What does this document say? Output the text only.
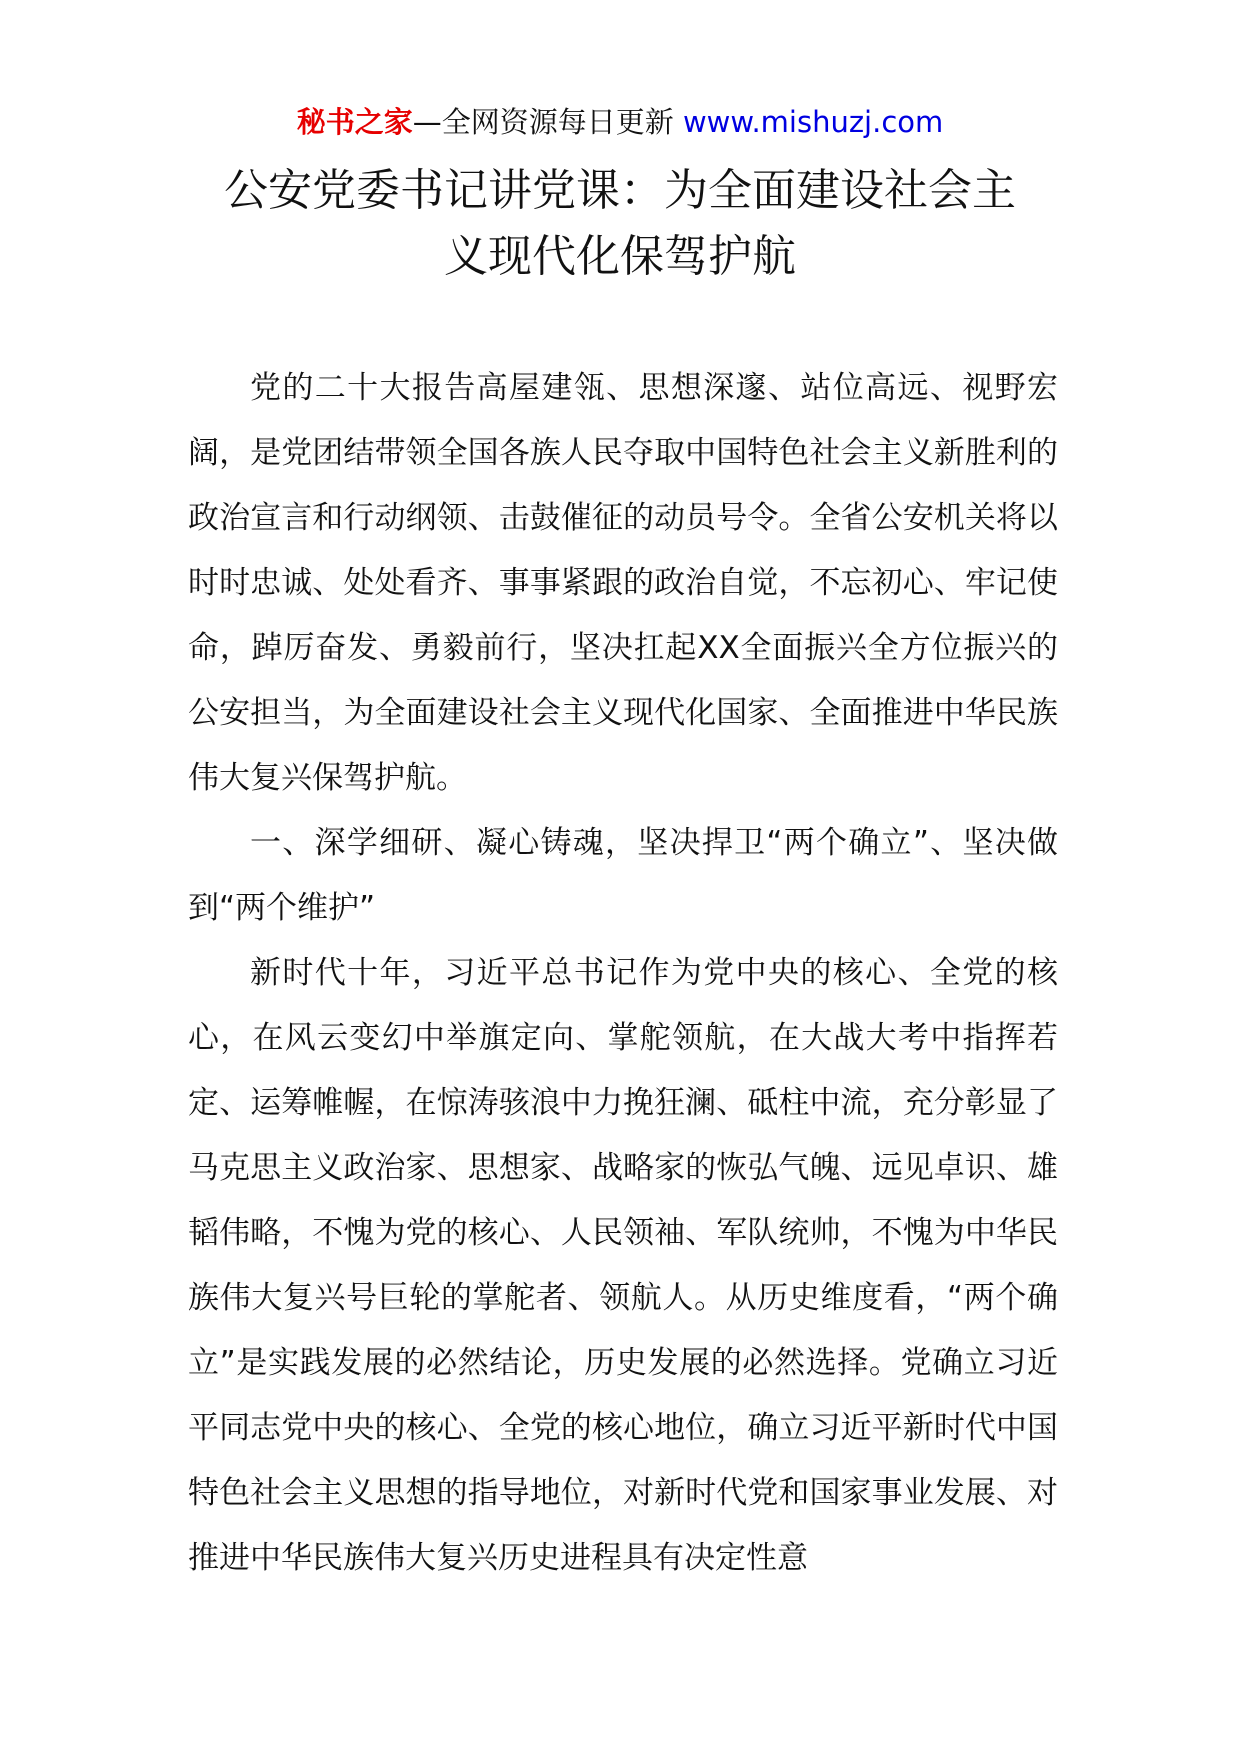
秘书之家—全网资源每日更新 www.mishuzj.com
公安党委书记讲党课：为全面建设社会主
义现代化保驾护航

党的二十大报告高屋建瓴、思想深邃、站位高远、视野宏阔，是党团结带领全国各族人民夺取中国特色社会主义新胜利的政治宣言和行动纲领、击鼓催征的动员号令。全省公安机关将以时时忠诚、处处看齐、事事紧跟的政治自觉，不忘初心、牢记使命，踔厉奋发、勇毅前行，坚决扛起XX全面振兴全方位振兴的公安担当，为全面建设社会主义现代化国家、全面推进中华民族伟大复兴保驾护航。

一、深学细研、凝心铸魂，坚决捍卫“两个确立”、坚决做到“两个维护”

新时代十年，习近平总书记作为党中央的核心、全党的核心，在风云变幻中举旗定向、掌舵领航，在大战大考中指挥若定、运筹帷幄，在惊涛骇浪中力挽狂澜、砥柱中流，充分彰显了马克思主义政治家、思想家、战略家的恢弘气魄、远见卓识、雄韬伟略，不愧为党的核心、人民领袖、军队统帅，不愧为中华民族伟大复兴号巨轮的掌舵者、领航人。从历史维度看，“两个确立”是实践发展的必然结论，历史发展的必然选择。党确立习近平同志党中央的核心、全党的核心地位，确立习近平新时代中国特色社会主义思想的指导地位，对新时代党和国家事业发展、对推进中华民族伟大复兴历史进程具有决定性意
